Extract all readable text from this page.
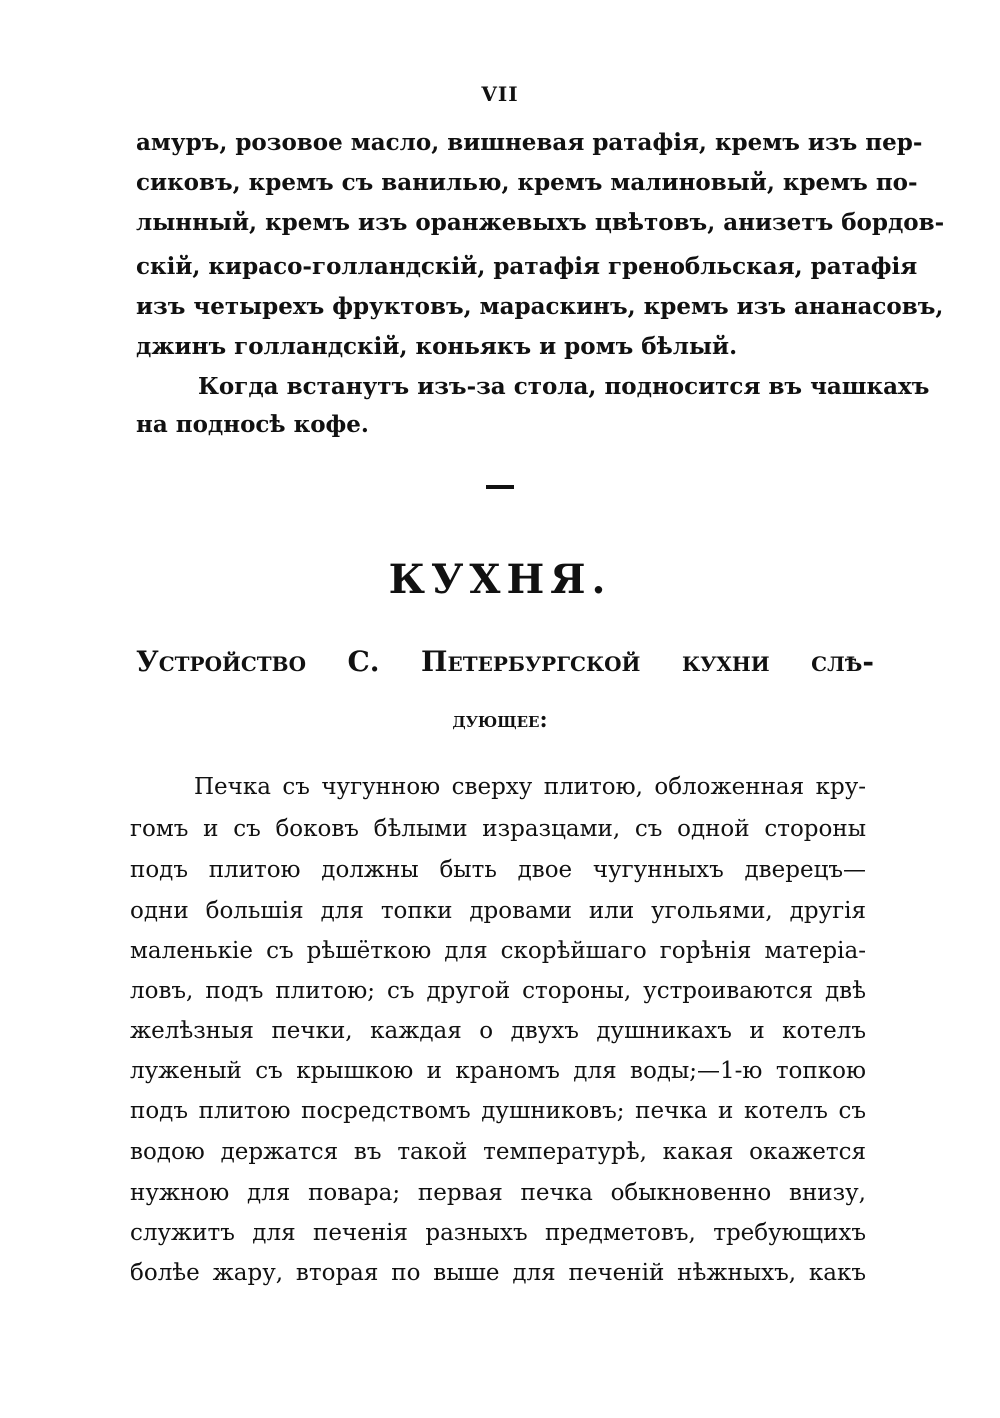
VII
амуръ, розовое масло, вишневая ратафія, кремъ изъ пер-
сиковъ, кремъ съ ванилью, кремъ малиновый, кремъ по-
лынный, кремъ изъ оранжевыхъ цвѣтовъ, анизетъ бордов-
скій, кирасо-голландскій, ратафія гренобльская, ратафія
изъ четырехъ фруктовъ, мараскинъ, кремъ изъ ананасовъ,
джинъ голландскій, коньякъ и ромъ бѣлый.
Когда встанутъ изъ-за стола, подносится въ чашкахъ
на подносѣ кофе.
КУХНЯ.
Устройство С. Петербургской кухни слѣ-
дующее:
Печка съ чугунною сверху плитою, обложенная кру-
гомъ и съ боковъ бѣлыми изразцами, съ одной стороны
подъ плитою должны быть двое чугунныхъ дверецъ—
одни большія для топки дровами или угольями, другія
маленькіе съ рѣшёткою для скорѣйшаго горѣнія матеріа-
ловъ, подъ плитою; съ другой стороны, устроиваются двѣ
желѣзныя печки, каждая о двухъ душникахъ и котелъ
луженый съ крышкою и краномъ для воды;—1-ю топкою
подъ плитою посредствомъ душниковъ; печка и котелъ съ
водою держатся въ такой температурѣ, какая окажется
нужною для повара; первая печка обыкновенно внизу,
служитъ для печенія разныхъ предметовъ, требующихъ
болѣе жару, вторая по выше для печеній нѣжныхъ, какъ
